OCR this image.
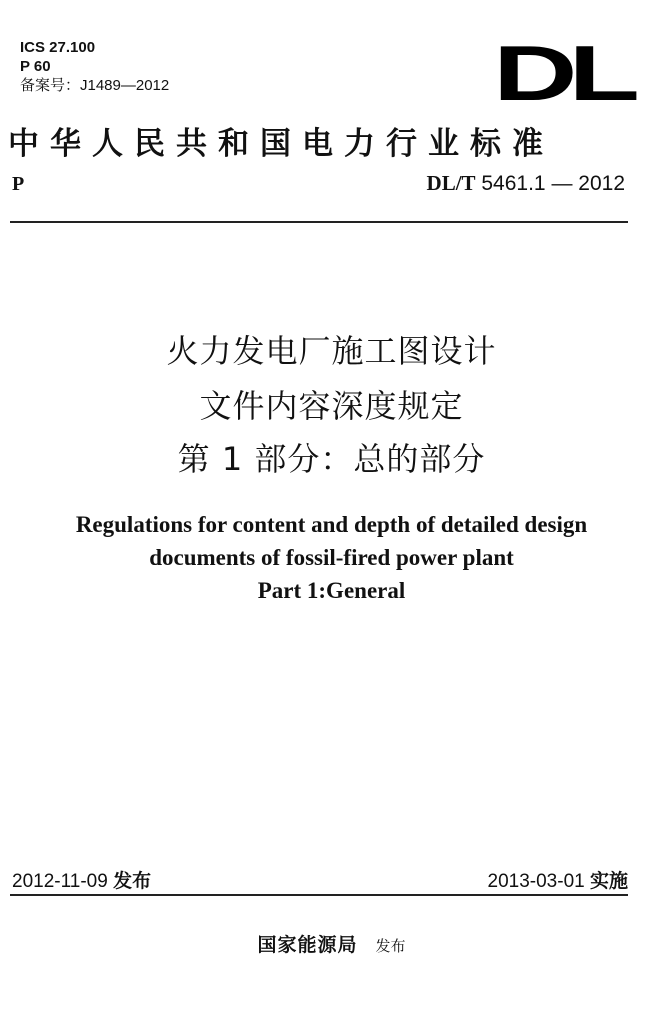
ICS 27.100
P 60
备案号：J1489—2012	DL
中华人民共和国电力行业标准
P	DL/T 5461.1 — 2012
火力发电厂施工图设计
文件内容深度规定
第 1 部分：总的部分
Regulations for content and depth of detailed design
documents of fossil-fired power plant
Part 1:General
2012-11-09 发布	2013-03-01 实施
国家能源局 发布
